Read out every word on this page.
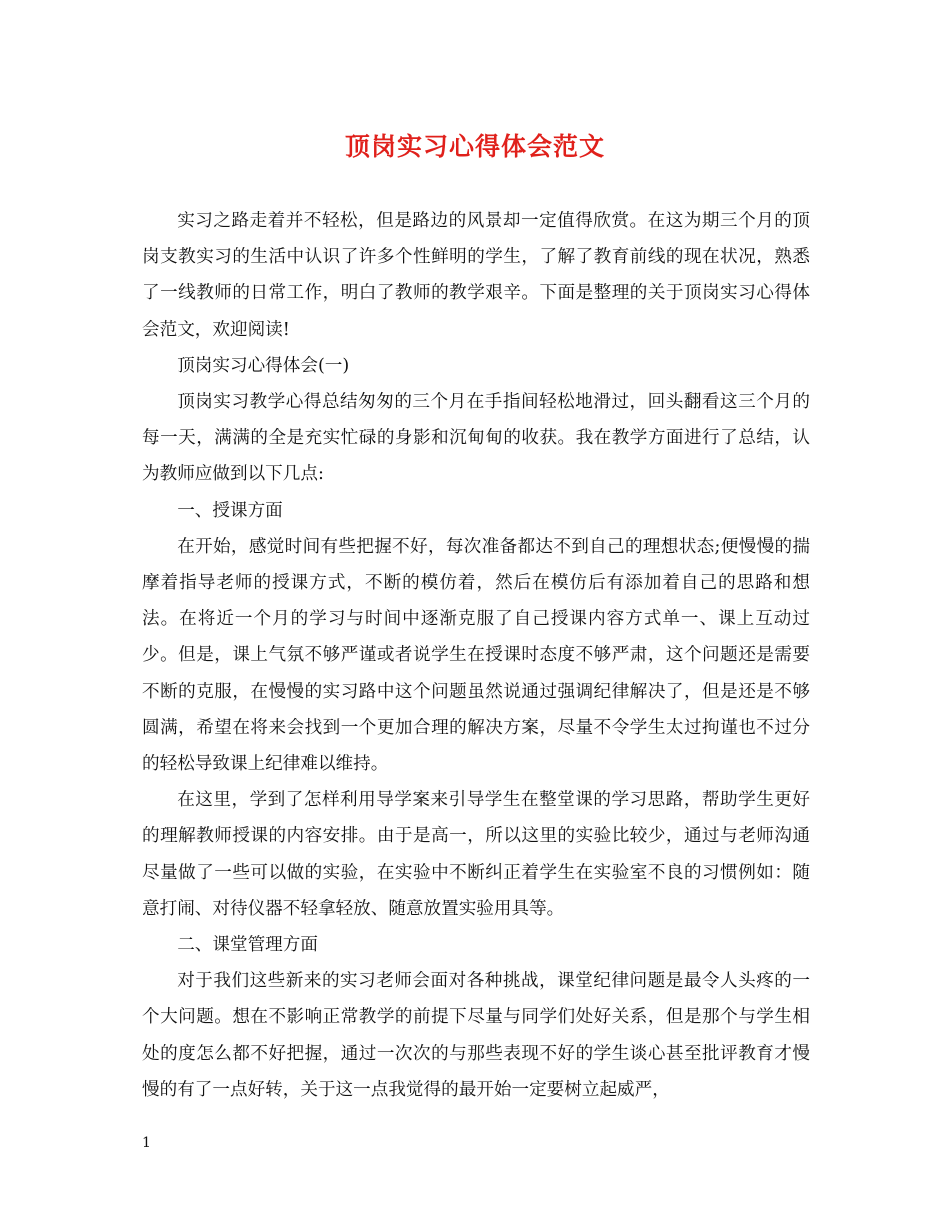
顶岗实习心得体会范文

实习之路走着并不轻松，但是路边的风景却一定值得欣赏。在这为期三个月的顶岗支教实习的生活中认识了许多个性鲜明的学生，了解了教育前线的现在状况，熟悉了一线教师的日常工作，明白了教师的教学艰辛。下面是整理的关于顶岗实习心得体会范文，欢迎阅读!

顶岗实习心得体会(一)

顶岗实习教学心得总结匆匆的三个月在手指间轻松地滑过，回头翻看这三个月的每一天，满满的全是充实忙碌的身影和沉甸甸的收获。我在教学方面进行了总结，认为教师应做到以下几点:

一、授课方面

在开始，感觉时间有些把握不好，每次准备都达不到自己的理想状态;便慢慢的揣摩着指导老师的授课方式，不断的模仿着，然后在模仿后有添加着自己的思路和想法。在将近一个月的学习与时间中逐渐克服了自己授课内容方式单一、课上互动过少。但是，课上气氛不够严谨或者说学生在授课时态度不够严肃，这个问题还是需要不断的克服，在慢慢的实习路中这个问题虽然说通过强调纪律解决了，但是还是不够圆满，希望在将来会找到一个更加合理的解决方案，尽量不令学生太过拘谨也不过分的轻松导致课上纪律难以维持。

在这里，学到了怎样利用导学案来引导学生在整堂课的学习思路，帮助学生更好的理解教师授课的内容安排。由于是高一，所以这里的实验比较少，通过与老师沟通尽量做了一些可以做的实验，在实验中不断纠正着学生在实验室不良的习惯例如：随意打闹、对待仪器不轻拿轻放、随意放置实验用具等。

二、课堂管理方面

对于我们这些新来的实习老师会面对各种挑战，课堂纪律问题是最令人头疼的一个大问题。想在不影响正常教学的前提下尽量与同学们处好关系，但是那个与学生相处的度怎么都不好把握，通过一次次的与那些表现不好的学生谈心甚至批评教育才慢慢的有了一点好转，关于这一点我觉得的最开始一定要树立起威严，

1
